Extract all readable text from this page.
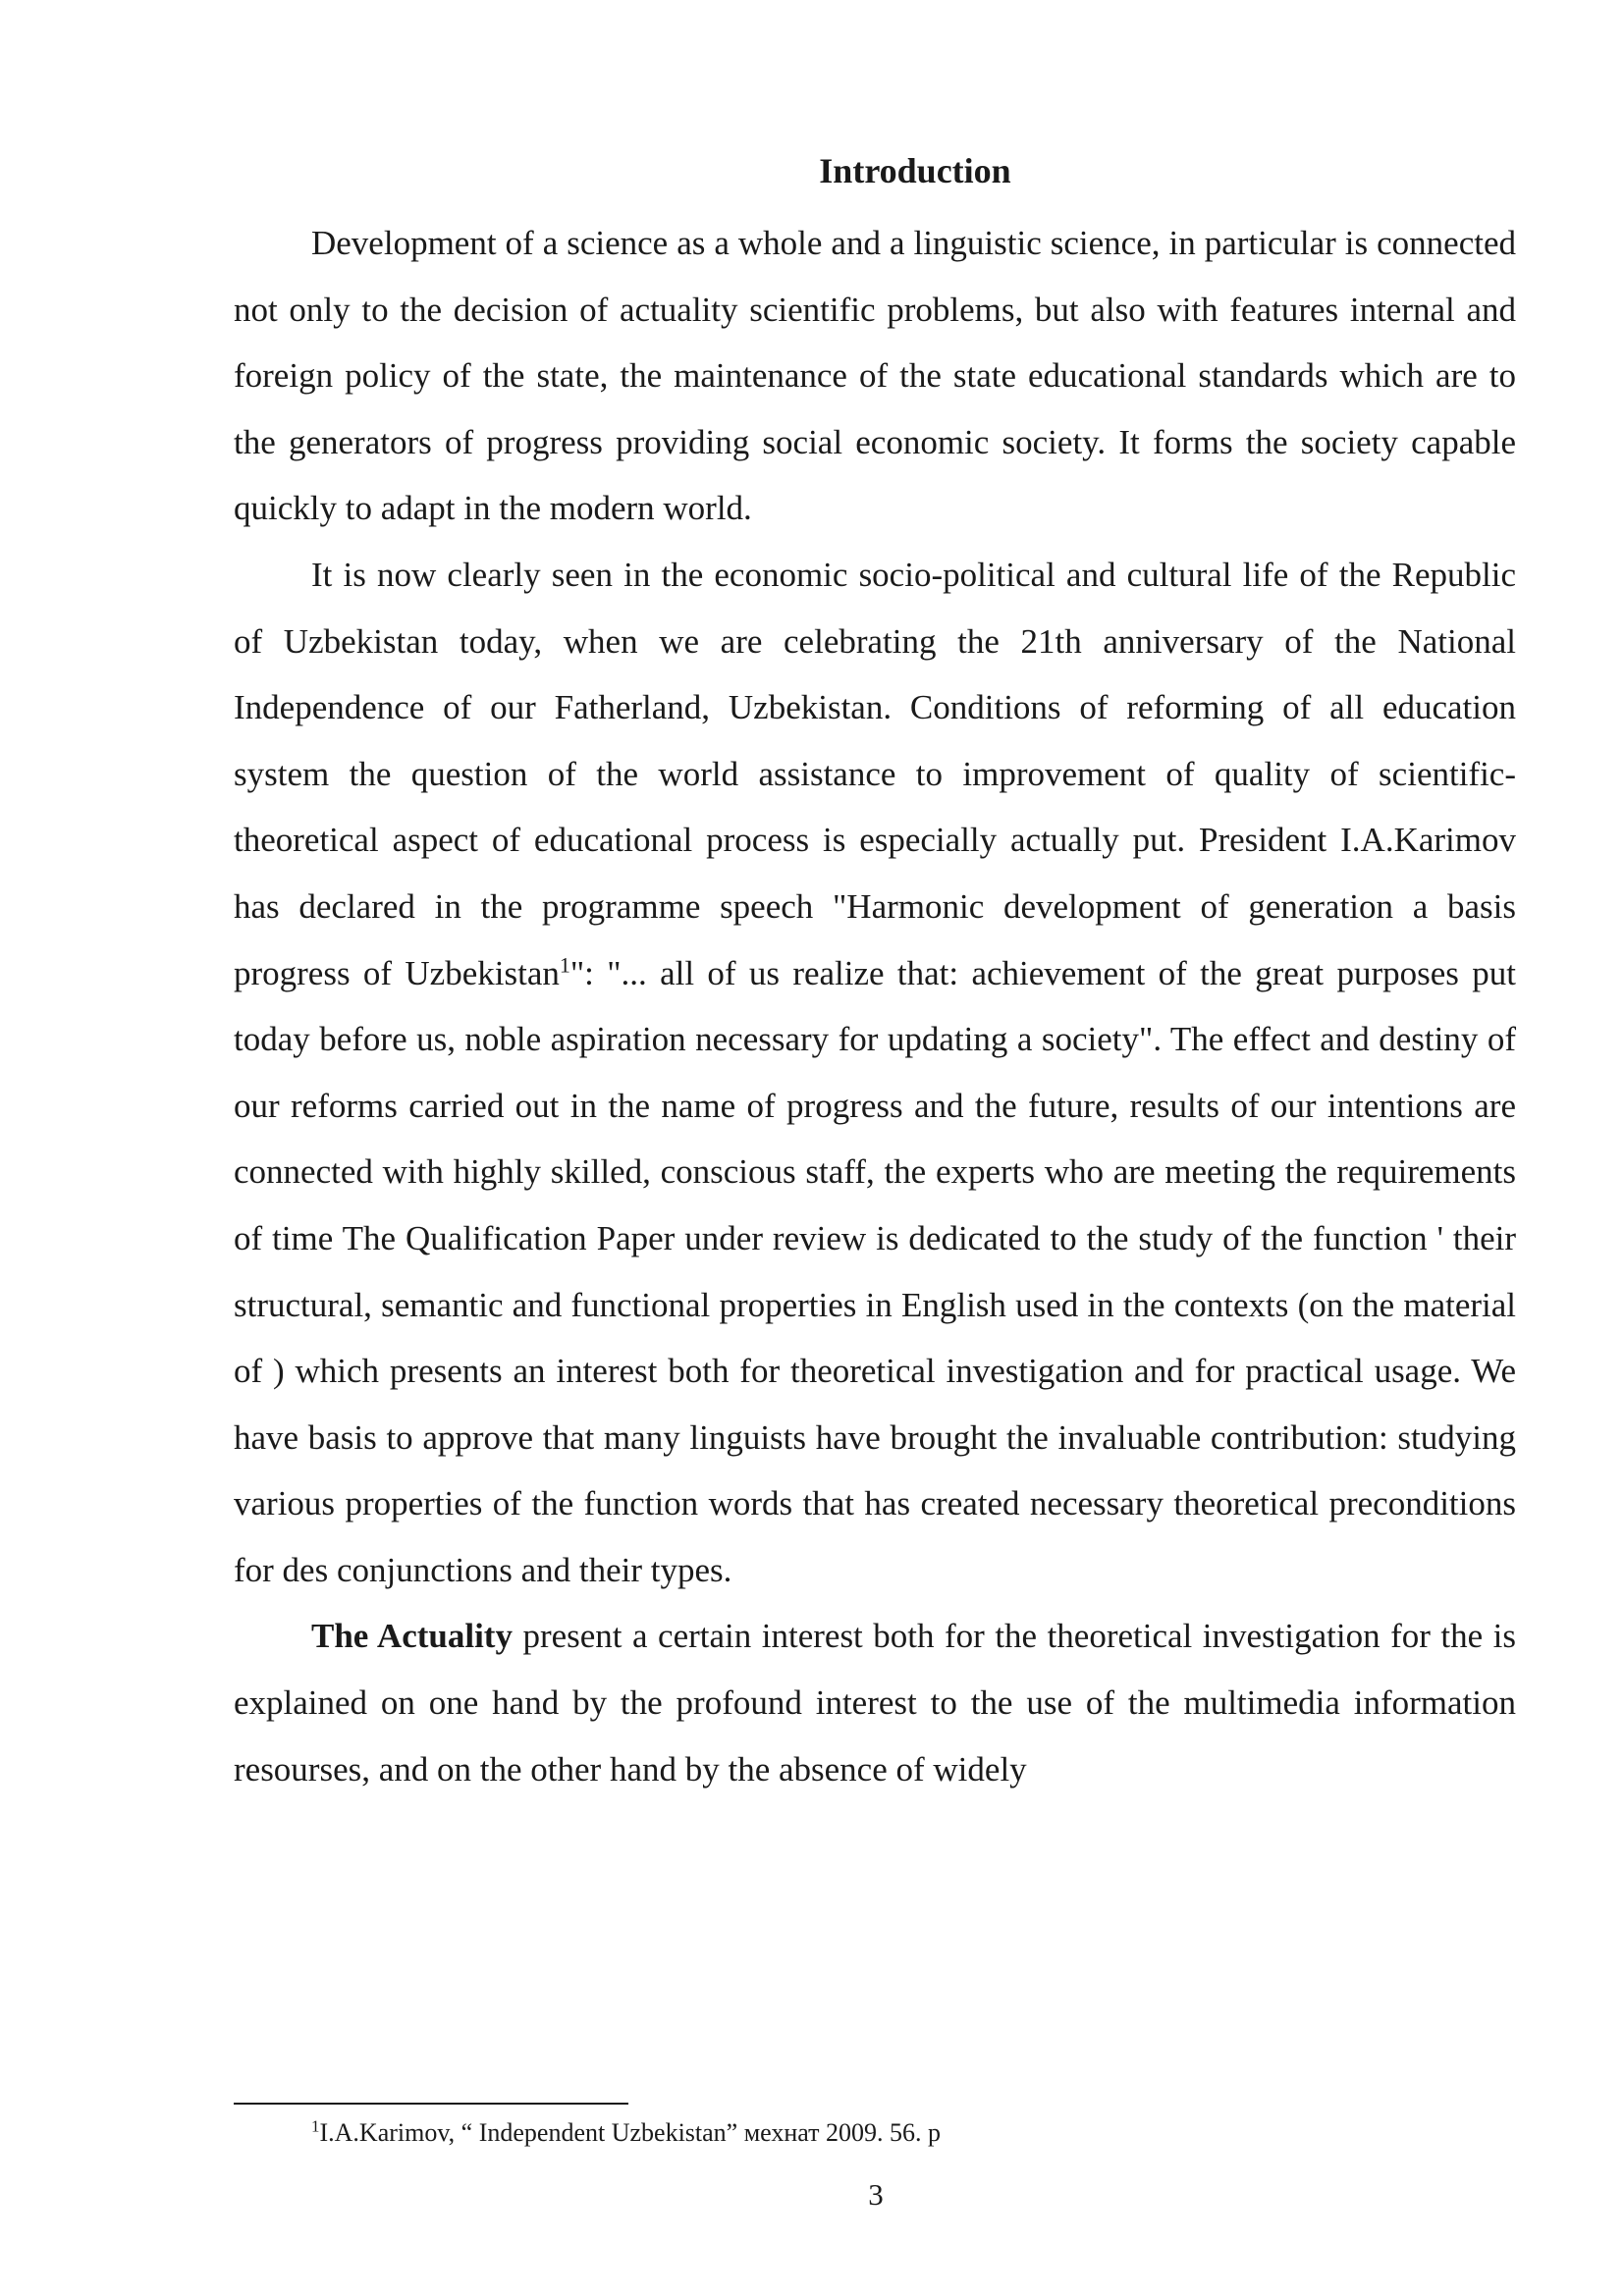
Introduction

Development of a science as a whole and a linguistic science, in particular is connected not only to the decision of actuality scientific problems, but also with features internal and foreign policy of the state, the maintenance of the state educational standards which are to the generators of progress providing social economic society. It forms the society capable quickly to adapt in the modern world.

It is now clearly seen in the economic socio-political and cultural life of the Republic of Uzbekistan today, when we are celebrating the 21th anniversary of the National Independence of our Fatherland, Uzbekistan. Conditions of reforming of all education system the question of the world assistance to improvement of quality of scientific-theoretical aspect of educational process is especially actually put. President I.A.Karimov has declared in the programme speech "Harmonic development of generation a basis progress of Uzbekistan$^1$": "... all of us realize that: achievement of the great purposes put today before us, noble aspiration necessary for updating a society". The effect and destiny of our reforms carried out in the name of progress and the future, results of our intentions are connected with highly skilled, conscious staff, the experts who are meeting the requirements of time The Qualification Paper under review is dedicated to the study of the function ' their structural, semantic and functional properties in English used in the contexts (on the material of ) which presents an interest both for theoretical investigation and for practical usage. We have basis to approve that many linguists have brought the invaluable contribution: studying various properties of the function words that has created necessary theoretical preconditions for des conjunctions and their types.

The Actuality present a certain interest both for the theoretical investigation for the is explained on one hand by the profound interest to the use of the multimedia information resourses, and on the other hand by the absence of widely

$^1$I.A.Karimov, “ Independent Uzbekistan” мехнат 2009. 56. р

3
